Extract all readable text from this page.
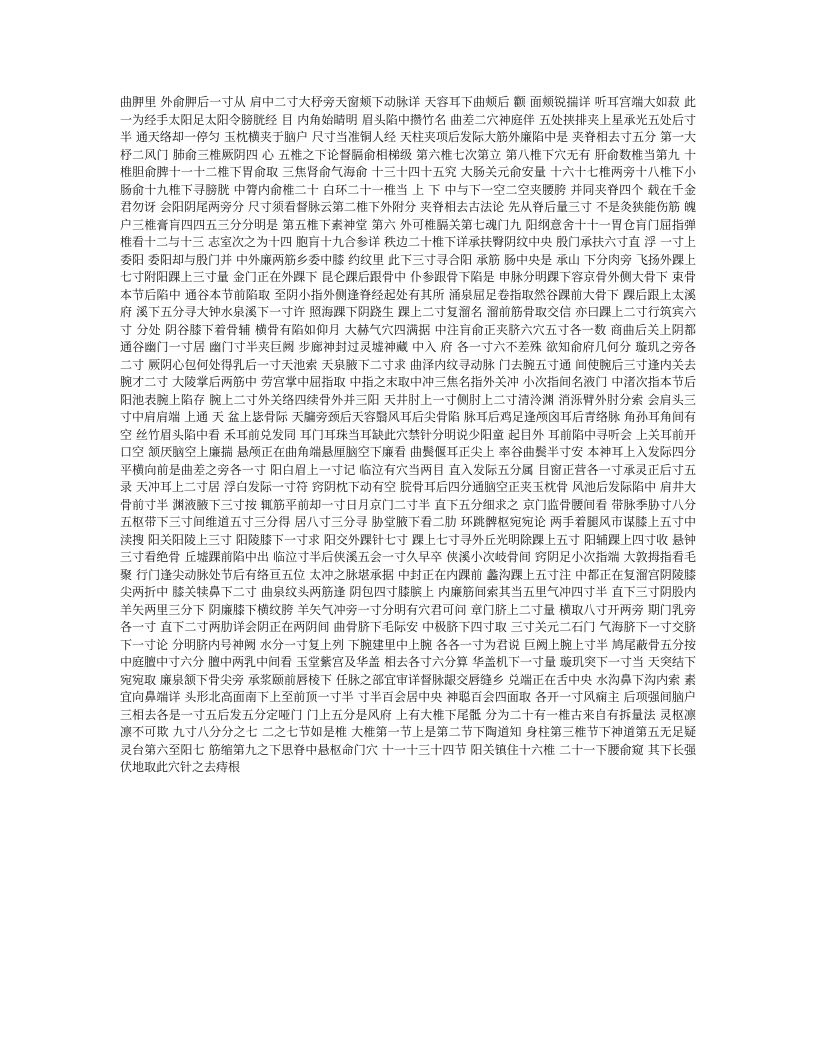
曲胛里 外俞胛后一寸从 肩中二寸大杼旁天窗颊下动脉详 天容耳下曲颊后 颧 面颊锐揣详 听耳宫端大如菽 此一为经手太阳足太阳令膀胱经 目 内角始睛明 眉头陷中攒竹名 曲差二穴神庭伴 五处挟排夹上星承光五处后寸半 通天络却一停匀 玉枕横夹于脑户 尺寸当准铜人经 天柱夹项后发际大筋外廉陷中是 夹脊相去寸五分 第一大杼二风门 肺俞三椎厥阴四 心 五椎之下论督膈俞相梯级 第六椎七次第立 第八椎下穴无有 肝俞数椎当第九 十椎胆俞脾十一十二椎下胃俞取 三焦肾俞气海俞 十三十四十五究 大肠关元俞安量 十六十七椎两旁十八椎下小肠俞十九椎下寻膀胱 中膂内俞椎二十 白环二十一椎当 上 下 中与下一空二空夹腰胯 并同夹脊四个 载在千金君勿讶 会阳阴尾两旁分 尺寸须看督脉云第二椎下外附分 夹脊相去古法论 先从脊后量三寸 不是灸狭能伤筋 魄户三椎膏肓四四五三分分明是 第五椎下素神堂 第六 外可椎膈关第七魂门九 阳纲意舍十十一胃仓肓门屈指弹 椎看十二与十三 志室次之为十四 胞肓十九合参详 秩边二十椎下详承扶臀阴纹中央 殷门承扶六寸直 浮 一寸上委阳 委阳却与殷门并 中外廉两筋乡委中膝 约纹里 此下三寸寻合阳 承筋 肠中央是 承山 下分肉旁 飞扬外踝上七寸附阳踝上三寸量 金门正在外踝下 昆仑踝后跟骨中 仆参跟骨下陷是 申脉分明踝下容京骨外侧大骨下 束骨本节后陷中 通谷本节前陷取 至阴小指外侧逢脊经起处有其所 涌泉屈足卷指取然谷踝前大骨下 踝后跟上太溪府 溪下五分寻大钟水泉溪下一寸许 照海踝下阴跷生 踝上二寸复溜名 溜前筋骨取交信 亦曰踝上二寸行筑宾六寸 分处 阴谷膝下着骨辅 横骨有陷如仰月 大赫气穴四满据 中注肓俞正夹脐六穴五寸各一数 商曲后关上阴都 通谷幽门一寸居 幽门寸半夹巨阙 步廊神封过灵墟神藏 中入 府 各一寸六不差殊 欲知俞府几何分 璇玑之旁各二寸 厥阴心包何处得乳后一寸天池索 天泉腋下二寸求 曲泽内纹寻动脉 门去腕五寸通 间使腕后三寸逢内关去腕才二寸 大陵掌后两筋中 劳宫掌中屈指取 中指之末取中冲三焦名指外关冲 小次指间名液门 中渚次指本节后 阳池表腕上陷存 腕上二寸外关络四续骨外并三阳 天井肘上一寸侧肘上二寸清泠渊 消泺臂外肘分索 会肩头三寸中肩肩端 上通 天 盆上毖骨际 天牖旁颈后天容翳风耳后尖骨陷 脉耳后鸡足逢颅囟耳后青络脉 角孙耳角间有空 丝竹眉头陷中看 禾耳前兑发同 耳门耳珠当耳缺此穴禁针分明说少阳童 起目外 耳前陷中寻听会 上关耳前开口空 颔厌脑空上廉揣 悬颅正在曲角端悬厘脑空下廉看 曲鬓偃耳正尖上 率谷曲鬓半寸安 本神耳上入发际四分平横向前是曲差之旁各一寸 阳白眉上一寸记 临泣有穴当两目 直入发际五分属 目窗正营各一寸承灵正后寸五录 天冲耳上二寸居 浮白发际一寸符 窍阴枕下动有空 脘骨耳后四分通脑空正夹玉枕骨 风池后发际陷中 肩井大骨前寸半 渊液腋下三寸按 辄筋平前却一寸日月京门二寸半 直下五分细求之 京门监骨腰间看 带脉季胁寸八分 五枢带下三寸间维道五寸三分得 居八寸三分寻 胁堂腋下看二肋 环跳髀枢宛宛论 两手着腿风市谋膝上五寸中渎搜 阳关阳陵上三寸 阳陵膝下一寸求 阳交外踝针七寸 踝上七寸寻外丘光明除踝上五寸 阳辅踝上四寸收 悬钟三寸看绝骨 丘墟踝前陷中出 临泣寸半后侠溪五会一寸久早卒 侠溪小次岐骨间 窍阴足小次指端 大敦拇指看毛聚 行门逢尖动脉处节后有络亘五位 太冲之脉堪承据 中封正在内踝前 蠡沟踝上五寸注 中都正在复溜宫阴陵膝尖两折中 膝关犊鼻下二寸 曲泉纹头两筋逢 阴包四寸膝膑上 内廉筋间索其当五里气冲四寸半 直下三寸阴股内 羊矢两里三分下 阴廉膝下横纹胯 羊矢气冲旁一寸分明有穴君可问 章门脐上二寸量 横取八寸开两旁 期门乳旁各一寸 直下二寸两肋详会阴正在两阴间 曲骨脐下毛际安 中极脐下四寸取 三寸关元二石门 气海脐下一寸交脐下一寸论 分明脐内号神阙 水分一寸复上列 下腕建里中上腕 各各一寸为君说 巨阙上腕上寸半 鸠尾蔽骨五分按 中庭膻中寸六分 膻中两乳中间看 玉堂紫宫及华盖 相去各寸六分算 华盖机下一寸量 璇玑突下一寸当 天突结下宛宛取 廉泉颔下骨尖旁 承浆颐前唇棱下 任脉之部宜审详督脉龈交唇缝乡 兑端正在舌中央 水沟鼻下沟内索 素 宜向鼻端详 头形北高面南下上至前顶一寸半 寸半百会居中央 神聪百会四面取 各开一寸风痫主 后项强间脑户三相去各是一寸五后发五分定哑门 门上五分是风府 上有大椎下尾骶 分为二十有一椎古来自有拆量法 灵枢凛凛不可欺 九寸八分分之七 二之七节如是椎 大椎第一节上是第二节下陶道知 身柱第三椎节下神道第五无足疑 灵台第六至阳七 筋缩第九之下思脊中悬枢命门穴 十一十三十四节 阳关镇住十六椎 二十一下腰俞窥 其下长强伏地取此穴针之去痔根
